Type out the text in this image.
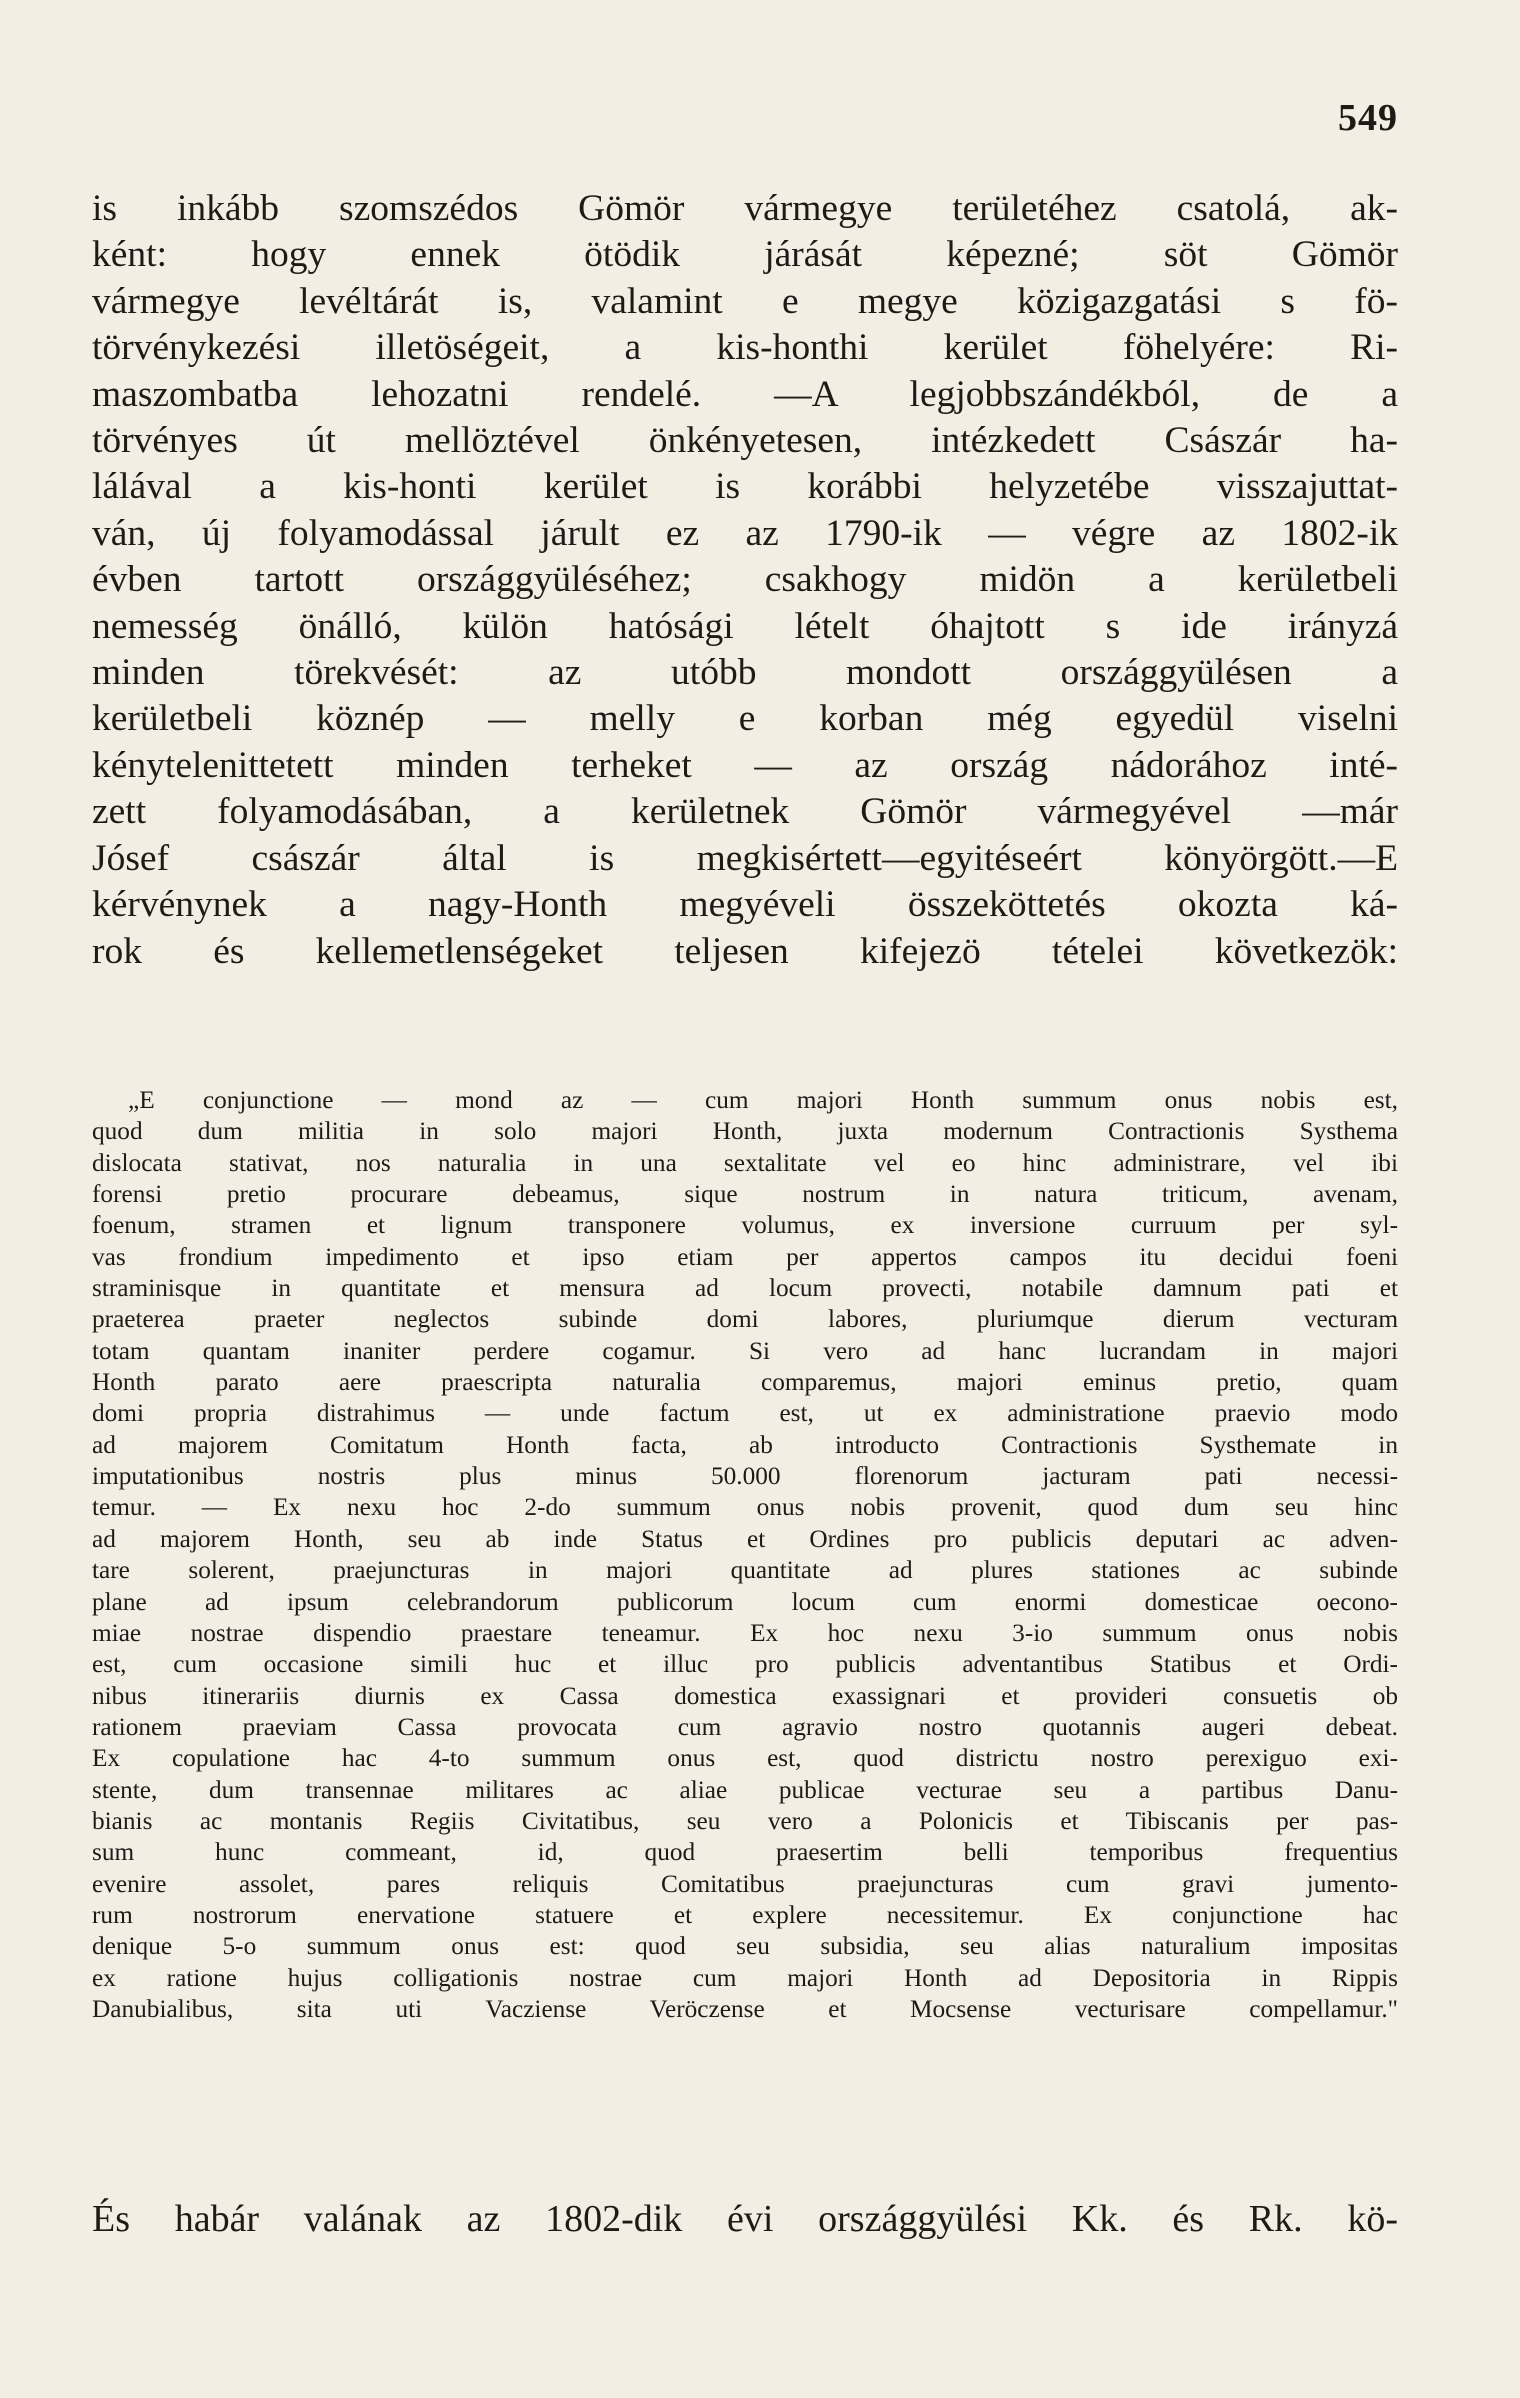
549
is inkább szomszédos Gömör vármegye területéhez csatolá, ak-
ként: hogy ennek ötödik járását képezné; söt Gömör
vármegye levéltárát is, valamint e megye közigazgatási s fö-
törvénykezési illetöségeit, a kis-honthi kerület föhelyére: Ri-
maszombatba lehozatni rendelé. —A legjobbszándékból, de a
törvényes út mellöztével önkényetesen, intézkedett Császár ha-
lálával a kis-honti kerület is korábbi helyzetébe visszajuttat-
ván, új folyamodással járult ez az 1790-ik — végre az 1802-ik
évben tartott országgyüléséhez; csakhogy midön a kerületbeli
nemesség önálló, külön hatósági lételt óhajtott s ide irányzá
minden törekvését: az utóbb mondott országgyülésen a
kerületbeli köznép — melly e korban még egyedül viselni
kénytelenittetett minden terheket — az ország nádorához inté-
zett folyamodásában, a kerületnek Gömör vármegyével —már
Jósef császár által is megkisértett—egyitéseért könyörgött.—E
kérvénynek a nagy-Honth megyéveli összeköttetés okozta ká-
rok és kellemetlenségeket teljesen kifejezö tételei következök:
„E conjunctione — mond az — cum majori Honth summum onus nobis est,
quod dum militia in solo majori Honth, juxta modernum Contractionis Systhema
dislocata stativat, nos naturalia in una sextalitate vel eo hinc administrare, vel ibi
forensi pretio procurare debeamus, sique nostrum in natura triticum, avenam,
foenum, stramen et lignum transponere volumus, ex inversione curruum per syl-
vas frondium impedimento et ipso etiam per appertos campos itu decidui foeni
straminisque in quantitate et mensura ad locum provecti, notabile damnum pati et
praeterea praeter neglectos subinde domi labores, pluriumque dierum vecturam
totam quantam inaniter perdere cogamur. Si vero ad hanc lucrandam in majori
Honth parato aere praescripta naturalia comparemus, majori eminus pretio, quam
domi propria distrahimus — unde factum est, ut ex administratione praevio modo
ad majorem Comitatum Honth facta, ab introducto Contractionis Systhemate in
imputationibus nostris plus minus 50.000 florenorum jacturam pati necessi-
temur. — Ex nexu hoc 2-do summum onus nobis provenit, quod dum seu hinc
ad majorem Honth, seu ab inde Status et Ordines pro publicis deputari ac adven-
tare solerent, praejuncturas in majori quantitate ad plures stationes ac subinde
plane ad ipsum celebrandorum publicorum locum cum enormi domesticae oecono-
miae nostrae dispendio praestare teneamur. Ex hoc nexu 3-io summum onus nobis
est, cum occasione simili huc et illuc pro publicis adventantibus Statibus et Ordi-
nibus itinerariis diurnis ex Cassa domestica exassignari et provideri consuetis ob
rationem praeviam Cassa provocata cum agravio nostro quotannis augeri debeat.
Ex copulatione hac 4-to summum onus est, quod districtu nostro perexiguo exi-
stente, dum transennae militares ac aliae publicae vecturae seu a partibus Danu-
bianis ac montanis Regiis Civitatibus, seu vero a Polonicis et Tibiscanis per pas-
sum hunc commeant, id, quod praesertim belli temporibus frequentius
evenire assolet, pares reliquis Comitatibus praejuncturas cum gravi jumento-
rum nostrorum enervatione statuere et explere necessitemur. Ex conjunctione hac
denique 5-o summum onus est: quod seu subsidia, seu alias naturalium impositas
ex ratione hujus colligationis nostrae cum majori Honth ad Depositoria in Rippis
Danubialibus, sita uti Vacziense Veröczense et Mocsense vecturisare compellamur."
És habár valának az 1802-dik évi országgyülési Kk. és Rk. kö-
